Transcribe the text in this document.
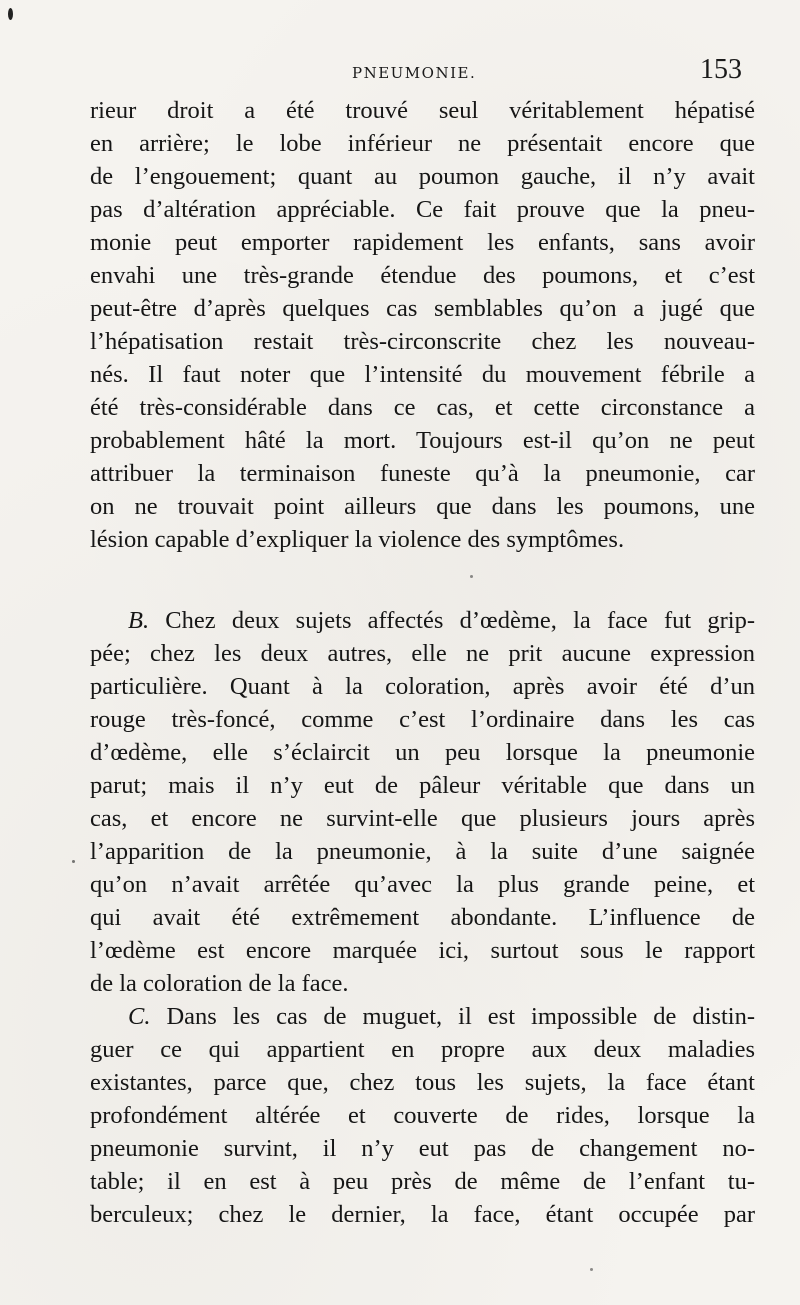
PNEUMONIE.	153
rieur droit a été trouvé seul véritablement hépatisé
en arrière; le lobe inférieur ne présentait encore que
de l’engouement; quant au poumon gauche, il n’y avait
pas d’altération appréciable. Ce fait prouve que la pneu-
monie peut emporter rapidement les enfants, sans avoir
envahi une très-grande étendue des poumons, et c’est
peut-être d’après quelques cas semblables qu’on a jugé que
l’hépatisation restait très-circonscrite chez les nouveau-
nés. Il faut noter que l’intensité du mouvement fébrile a
été très-considérable dans ce cas, et cette circonstance a
probablement hâté la mort. Toujours est-il qu’on ne peut
attribuer la terminaison funeste qu’à la pneumonie, car
on ne trouvait point ailleurs que dans les poumons, une
lésion capable d’expliquer la violence des symptômes.
B. Chez deux sujets affectés d’œdème, la face fut grip-
pée; chez les deux autres, elle ne prit aucune expression
particulière. Quant à la coloration, après avoir été d’un
rouge très-foncé, comme c’est l’ordinaire dans les cas
d’œdème, elle s’éclaircit un peu lorsque la pneumonie
parut; mais il n’y eut de pâleur véritable que dans un
cas, et encore ne survint-elle que plusieurs jours après
l’apparition de la pneumonie, à la suite d’une saignée
qu’on n’avait arrêtée qu’avec la plus grande peine, et
qui avait été extrêmement abondante. L’influence de
l’œdème est encore marquée ici, surtout sous le rapport
de la coloration de la face.
C. Dans les cas de muguet, il est impossible de distin-
guer ce qui appartient en propre aux deux maladies
existantes, parce que, chez tous les sujets, la face étant
profondément altérée et couverte de rides, lorsque la
pneumonie survint, il n’y eut pas de changement no-
table; il en est à peu près de même de l’enfant tu-
berculeux; chez le dernier, la face, étant occupée par
